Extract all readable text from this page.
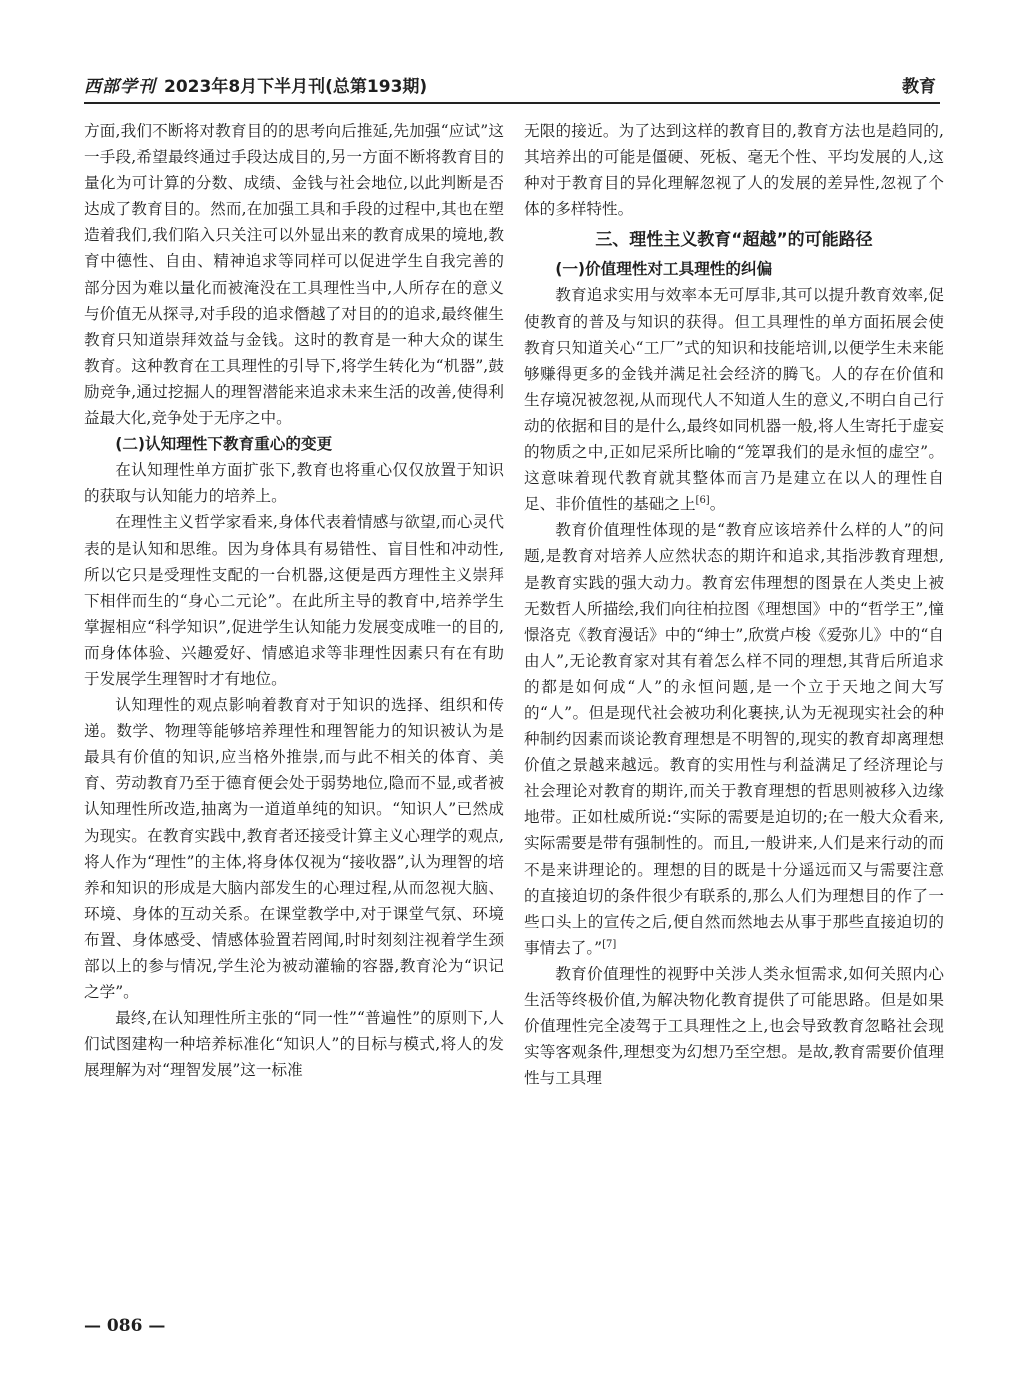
西部学刊 2023年8月下半月刊(总第193期)	教育

方面,我们不断将对教育目的的思考向后推延,先加强“应试”这一手段,希望最终通过手段达成目的,另一方面不断将教育目的量化为可计算的分数、成绩、金钱与社会地位,以此判断是否达成了教育目的。然而,在加强工具和手段的过程中,其也在塑造着我们,我们陷入只关注可以外显出来的教育成果的境地,教育中德性、自由、精神追求等同样可以促进学生自我完善的部分因为难以量化而被淹没在工具理性当中,人所存在的意义与价值无从探寻,对手段的追求僭越了对目的的追求,最终催生教育只知道崇拜效益与金钱。这时的教育是一种大众的谋生教育。这种教育在工具理性的引导下,将学生转化为“机器”,鼓励竞争,通过挖掘人的理智潜能来追求未来生活的改善,使得利益最大化,竞争处于无序之中。

(二)认知理性下教育重心的变更

在认知理性单方面扩张下,教育也将重心仅仅放置于知识的获取与认知能力的培养上。

在理性主义哲学家看来,身体代表着情感与欲望,而心灵代表的是认知和思维。因为身体具有易错性、盲目性和冲动性,所以它只是受理性支配的一台机器,这便是西方理性主义崇拜下相伴而生的“身心二元论”。在此所主导的教育中,培养学生掌握相应“科学知识”,促进学生认知能力发展变成唯一的目的,而身体体验、兴趣爱好、情感追求等非理性因素只有在有助于发展学生理智时才有地位。

认知理性的观点影响着教育对于知识的选择、组织和传递。数学、物理等能够培养理性和理智能力的知识被认为是最具有价值的知识,应当格外推崇,而与此不相关的体育、美育、劳动教育乃至于德育便会处于弱势地位,隐而不显,或者被认知理性所改造,抽离为一道道单纯的知识。“知识人”已然成为现实。在教育实践中,教育者还接受计算主义心理学的观点,将人作为“理性”的主体,将身体仅视为“接收器”,认为理智的培养和知识的形成是大脑内部发生的心理过程,从而忽视大脑、环境、身体的互动关系。在课堂教学中,对于课堂气氛、环境布置、身体感受、情感体验置若罔闻,时时刻刻注视着学生颈部以上的参与情况,学生沦为被动灌输的容器,教育沦为“识记之学”。

最终,在认知理性所主张的“同一性”“普遍性”的原则下,人们试图建构一种培养标准化“知识人”的目标与模式,将人的发展理解为对“理智发展”这一标准

无限的接近。为了达到这样的教育目的,教育方法也是趋同的,其培养出的可能是僵硬、死板、毫无个性、平均发展的人,这种对于教育目的异化理解忽视了人的发展的差异性,忽视了个体的多样特性。

三、理性主义教育“超越”的可能路径

(一)价值理性对工具理性的纠偏

教育追求实用与效率本无可厚非,其可以提升教育效率,促使教育的普及与知识的获得。但工具理性的单方面拓展会使教育只知道关心“工厂”式的知识和技能培训,以便学生未来能够赚得更多的金钱并满足社会经济的腾飞。人的存在价值和生存境况被忽视,从而现代人不知道人生的意义,不明白自己行动的依据和目的是什么,最终如同机器一般,将人生寄托于虚妄的物质之中,正如尼采所比喻的“笼罩我们的是永恒的虚空”。这意味着现代教育就其整体而言乃是建立在以人的理性自足、非价值性的基础之上[6]。

教育价值理性体现的是“教育应该培养什么样的人”的问题,是教育对培养人应然状态的期许和追求,其指涉教育理想,是教育实践的强大动力。教育宏伟理想的图景在人类史上被无数哲人所描绘,我们向往柏拉图《理想国》中的“哲学王”,憧憬洛克《教育漫话》中的“绅士”,欣赏卢梭《爱弥儿》中的“自由人”,无论教育家对其有着怎么样不同的理想,其背后所追求的都是如何成“人”的永恒问题,是一个立于天地之间大写的“人”。但是现代社会被功利化裹挟,认为无视现实社会的种种制约因素而谈论教育理想是不明智的,现实的教育却离理想价值之景越来越远。教育的实用性与利益满足了经济理论与社会理论对教育的期许,而关于教育理想的哲思则被移入边缘地带。正如杜威所说:“实际的需要是迫切的;在一般大众看来,实际需要是带有强制性的。而且,一般讲来,人们是来行动的而不是来讲理论的。理想的目的既是十分遥远而又与需要注意的直接迫切的条件很少有联系的,那么人们为理想目的作了一些口头上的宣传之后,便自然而然地去从事于那些直接迫切的事情去了。”[7]

教育价值理性的视野中关涉人类永恒需求,如何关照内心生活等终极价值,为解决物化教育提供了可能思路。但是如果价值理性完全凌驾于工具理性之上,也会导致教育忽略社会现实等客观条件,理想变为幻想乃至空想。是故,教育需要价值理性与工具理

— 086 —
